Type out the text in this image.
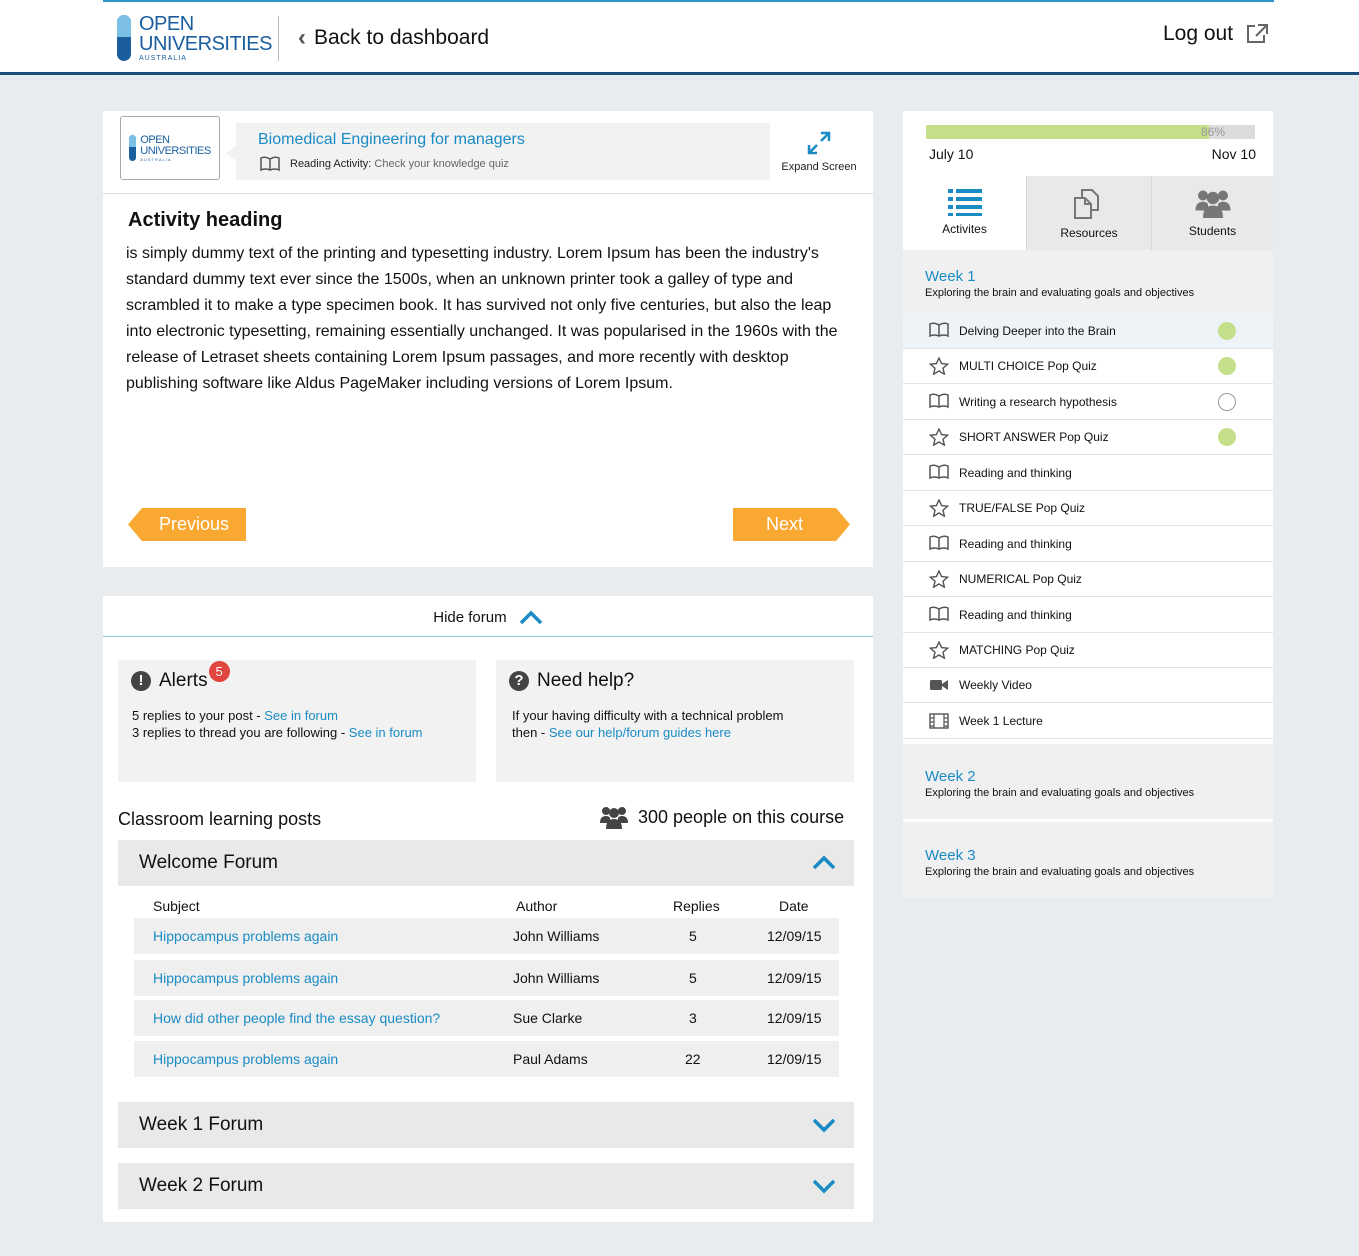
OPEN
UNIVERSITIES
AUSTRALIA
‹ Back to dashboard	Log out
OPEN
UNIVERSITIES
AUSTRALIA
Biomedical Engineering for managers
Reading Activity:
Check your knowledge quiz	Expand Screen
Activity heading
is simply dummy text of the printing and typesetting industry. Lorem Ipsum has been the industry's standard dummy text ever since the 1500s, when an unknown printer took a galley of type and scrambled it to make a type specimen book. It has survived not only five centuries, but also the leap into electronic typesetting, remaining essentially unchanged. It was popularised in the 1960s with the release of Letraset sheets containing Lorem Ipsum passages, and more recently with desktop publishing software like Aldus PageMaker including versions of Lorem Ipsum.
Previous	Next
Hide forum
! Alerts 5
5 replies to your post - See in forum
3 replies to thread you are following - See in forum
? Need help?
If your having difficulty with a technical problem
then - See our help/forum guides here
Classroom learning posts	300 people on this course
Welcome Forum
Subject	Author	Replies	Date
Hippocampus problems again	John Williams	5	12/09/15
Hippocampus problems again	John Williams	5	12/09/15
How did other people find the essay question?	Sue Clarke	3	12/09/15
Hippocampus problems again	Paul Adams	22	12/09/15
Week 1 Forum
Week 2 Forum
86%
July 10	Nov 10
Activites	Resources	Students
Week 1
Exploring the brain and evaluating goals and objectives
Delving Deeper into the Brain
MULTI CHOICE Pop Quiz
Writing a research hypothesis
SHORT ANSWER Pop Quiz
Reading and thinking
TRUE/FALSE Pop Quiz
Reading and thinking
NUMERICAL Pop Quiz
Reading and thinking
MATCHING Pop Quiz
Weekly Video
Week 1 Lecture
Week 2
Exploring the brain and evaluating goals and objectives
Week 3
Exploring the brain and evaluating goals and objectives
